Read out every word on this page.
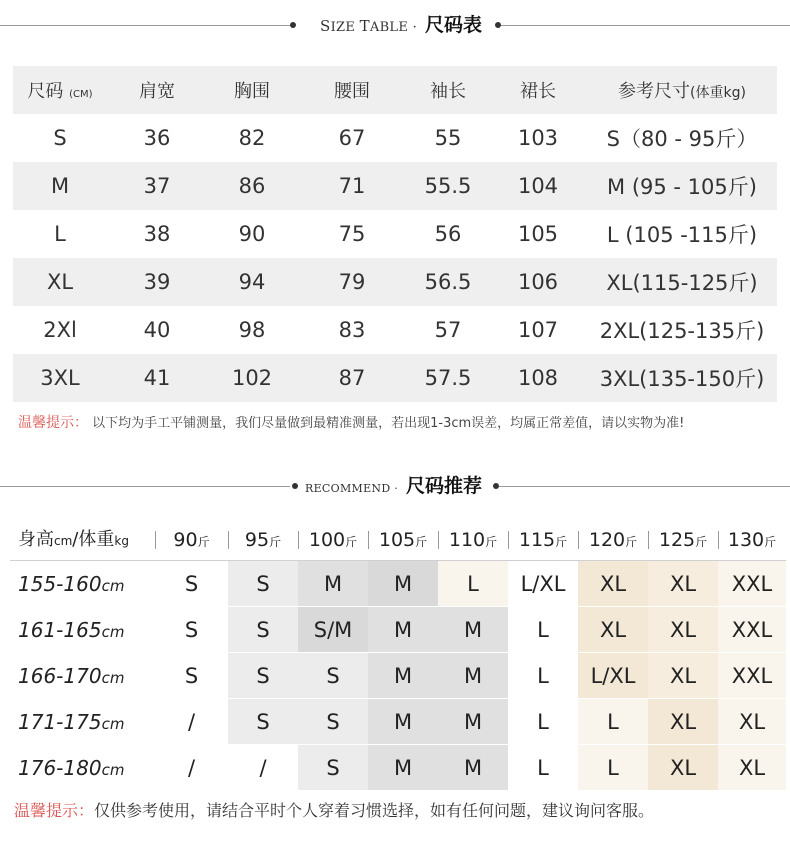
SIZE TABLE · 尺码表
尺码 (CM)	肩宽	胸围	腰围	袖长	裙长	参考尺寸(体重kg)
S	36	82	67	55	103	S（80 - 95斤）
M	37	86	71	55.5	104	M (95 - 105斤)
L	38	90	75	56	105	L (105 -115斤)
XL	39	94	79	56.5	106	XL(115-125斤)
2Xl	40	98	83	57	107	2XL(125-135斤)
3XL	41	102	87	57.5	108	3XL(135-150斤)
温馨提示： 以下均为手工平铺测量，我们尽量做到最精准测量，若出现1-3cm误差，均属正常差值，请以实物为准!
RECOMMEND · 尺码推荐
身高cm/体重kg	90斤	95斤	100斤	105斤	110斤	115斤	120斤	125斤	130斤
155-160cm	S	S	M	M	L	L/XL	XL	XL	XXL
161-165cm	S	S	S/M	M	M	L	XL	XL	XXL
166-170cm	S	S	S	M	M	L	L/XL	XL	XXL
171-175cm	/	S	S	M	M	L	L	XL	XL
176-180cm	/	/	S	M	M	L	L	XL	XL
温馨提示：仅供参考使用，请结合平时个人穿着习惯选择，如有任何问题，建议询问客服。
